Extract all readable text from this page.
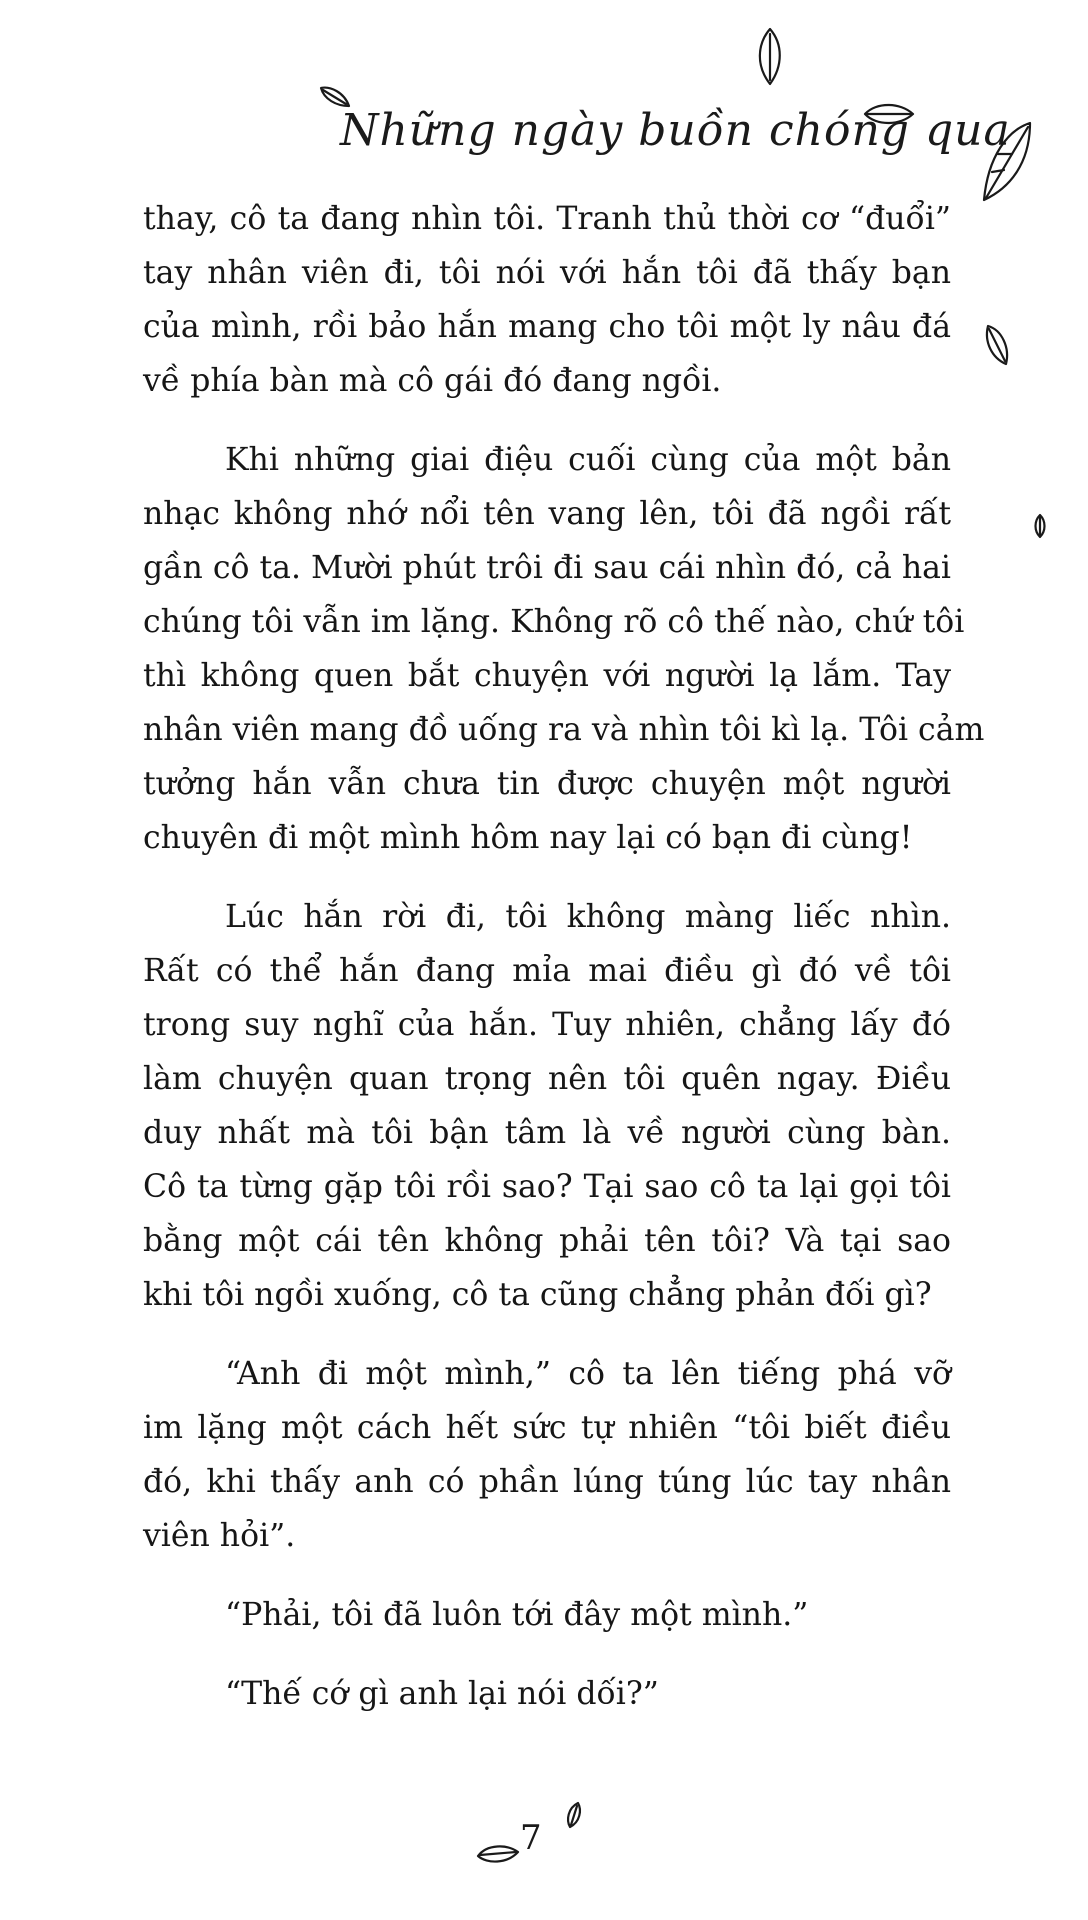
Những ngày buồn chóng qua
thay, cô ta đang nhìn tôi. Tranh thủ thời cơ “đuổi”
tay nhân viên đi, tôi nói với hắn tôi đã thấy bạn
của mình, rồi bảo hắn mang cho tôi một ly nâu đá
về phía bàn mà cô gái đó đang ngồi.
Khi những giai điệu cuối cùng của một bản
nhạc không nhớ nổi tên vang lên, tôi đã ngồi rất
gần cô ta. Mười phút trôi đi sau cái nhìn đó, cả hai
chúng tôi vẫn im lặng. Không rõ cô thế nào, chứ tôi
thì không quen bắt chuyện với người lạ lắm. Tay
nhân viên mang đồ uống ra và nhìn tôi kì lạ. Tôi cảm
tưởng hắn vẫn chưa tin được chuyện một người
chuyên đi một mình hôm nay lại có bạn đi cùng!
Lúc hắn rời đi, tôi không màng liếc nhìn.
Rất có thể hắn đang mỉa mai điều gì đó về tôi
trong suy nghĩ của hắn. Tuy nhiên, chẳng lấy đó
làm chuyện quan trọng nên tôi quên ngay. Điều
duy nhất mà tôi bận tâm là về người cùng bàn.
Cô ta từng gặp tôi rồi sao? Tại sao cô ta lại gọi tôi
bằng một cái tên không phải tên tôi? Và tại sao
khi tôi ngồi xuống, cô ta cũng chẳng phản đối gì?
“Anh đi một mình,” cô ta lên tiếng phá vỡ
im lặng một cách hết sức tự nhiên “tôi biết điều
đó, khi thấy anh có phần lúng túng lúc tay nhân
viên hỏi”.
“Phải, tôi đã luôn tới đây một mình.”
“Thế cớ gì anh lại nói dối?”
7
